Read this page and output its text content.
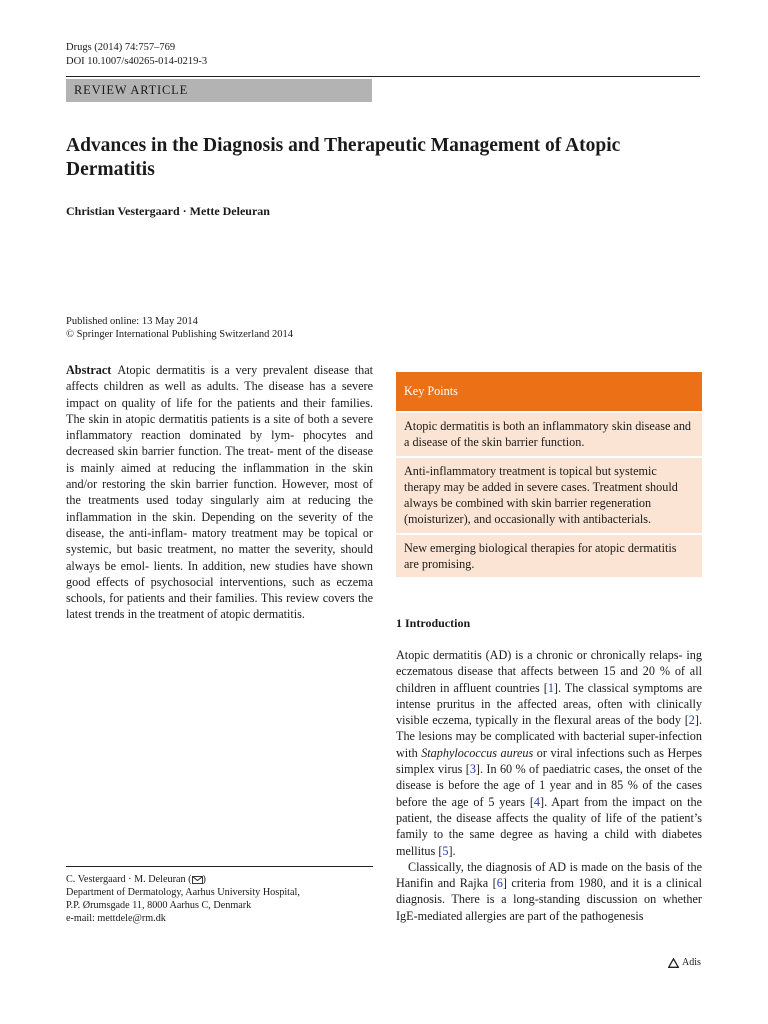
Drugs (2014) 74:757–769
DOI 10.1007/s40265-014-0219-3
REVIEW ARTICLE
Advances in the Diagnosis and Therapeutic Management of Atopic Dermatitis
Christian Vestergaard · Mette Deleuran
Published online: 13 May 2014
© Springer International Publishing Switzerland 2014
Abstract Atopic dermatitis is a very prevalent disease that affects children as well as adults. The disease has a severe impact on quality of life for the patients and their families. The skin in atopic dermatitis patients is a site of both a severe inflammatory reaction dominated by lym- phocytes and decreased skin barrier function. The treat- ment of the disease is mainly aimed at reducing the inflammation in the skin and/or restoring the skin barrier function. However, most of the treatments used today singularly aim at reducing the inflammation in the skin. Depending on the severity of the disease, the anti-inflam- matory treatment may be topical or systemic, but basic treatment, no matter the severity, should always be emol- lients. In addition, new studies have shown good effects of psychosocial interventions, such as eczema schools, for patients and their families. This review covers the latest trends in the treatment of atopic dermatitis.
Key Points
Atopic dermatitis is both an inflammatory skin disease and a disease of the skin barrier function.
Anti-inflammatory treatment is topical but systemic therapy may be added in severe cases. Treatment should always be combined with skin barrier regeneration (moisturizer), and occasionally with antibacterials.
New emerging biological therapies for atopic dermatitis are promising.
1 Introduction

Atopic dermatitis (AD) is a chronic or chronically relaps- ing eczematous disease that affects between 15 and 20 % of all children in affluent countries [1]. The classical symptoms are intense pruritus in the affected areas, often with clinically visible eczema, typically in the flexural areas of the body [2]. The lesions may be complicated with bacterial super-infection with Staphylococcus aureus or viral infections such as Herpes simplex virus [3]. In 60 % of paediatric cases, the onset of the disease is before the age of 1 year and in 85 % of the cases before the age of 5 years [4]. Apart from the impact on the patient, the disease affects the quality of life of the patient’s family to the same degree as having a child with diabetes mellitus [5].

Classically, the diagnosis of AD is made on the basis of the Hanifin and Rajka [6] criteria from 1980, and it is a clinical diagnosis. There is a long-standing discussion on whether IgE-mediated allergies are part of the pathogenesis

C. Vestergaard · M. Deleuran ( )
Department of Dermatology, Aarhus University Hospital,
P.P. Ørumsgade 11, 8000 Aarhus C, Denmark
e-mail: mettdele@rm.dk
Adis
